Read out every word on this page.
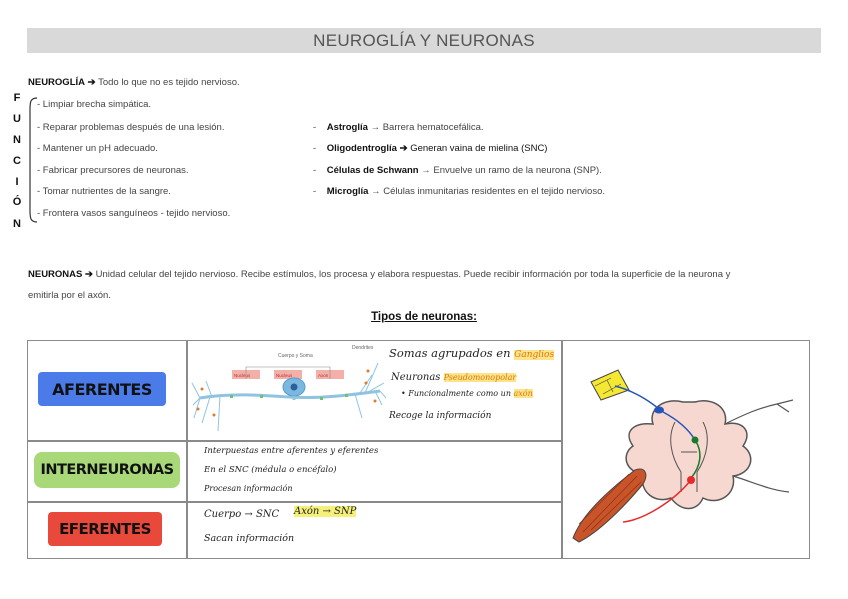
NEUROGLÍA Y NEURONAS
NEUROGLÍA ➔ Todo lo que no es tejido nervioso.
F
U
N
C
I
Ó
N
- Limpiar brecha simpática.
- Reparar problemas después de una lesión.
- Mantener un pH adecuado.
- Fabricar precursores de neuronas.
- Tomar nutrientes de la sangre.
- Frontera vasos sanguíneos - tejido nervioso.
- Astroglía → Barrera hematocefálica.
- Oligodentroglía ➔ Generan vaina de mielina (SNC)
- Células de Schwann → Envuelve un ramo de la neurona (SNP).
- Microglía → Células inmunitarias residentes en el tejido nervioso.
NEURONAS ➔ Unidad celular del tejido nervioso. Recibe estímulos, los procesa y elabora respuestas. Puede recibir información por toda la superficie de la neurona y
emitirla por el axón.
Tipos de neuronas:
AFERENTES
INTERNEURONAS
EFERENTES
Cuerpo y Soma
Dendrites
Nucleus	Nucleus	Axon
Somas agrupados en Ganglios
Neuronas Pseudomonopolar
• Funcionalmente como un axón
Recoge la información
Interpuestas entre aferentes y eferentes
En el SNC (médula o encéfalo)
Procesan información
Cuerpo → SNC Axón → SNP
Sacan información
